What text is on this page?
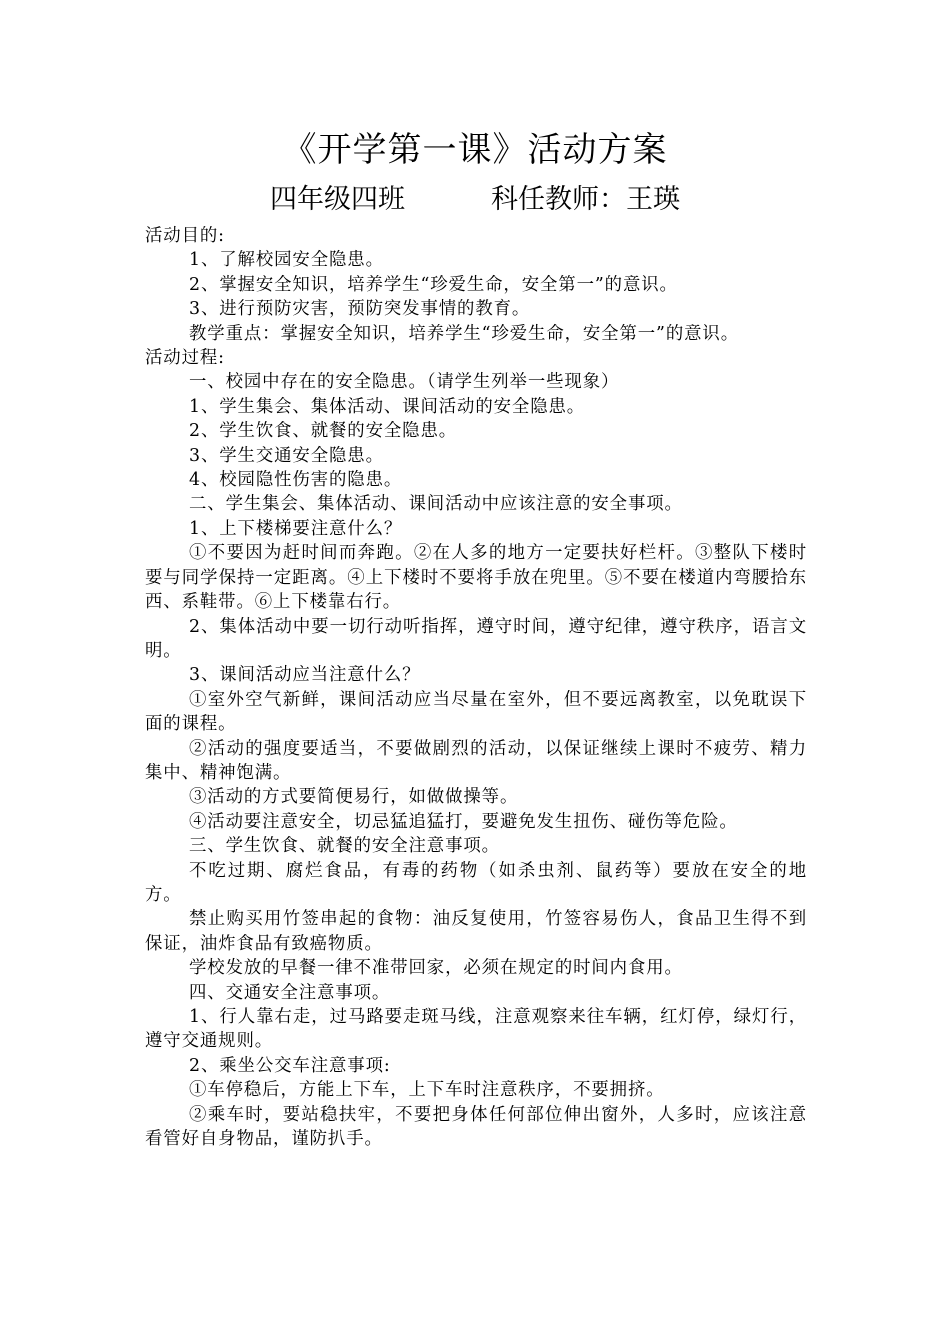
《开学第一课》活动方案
四年级四班	科任教师：王瑛

活动目的:

1、了解校园安全隐患。

2、掌握安全知识，培养学生“珍爱生命，安全第一”的意识。

3、进行预防灾害，预防突发事情的教育。

教学重点：掌握安全知识，培养学生“珍爱生命，安全第一”的意识。

活动过程:

一、校园中存在的安全隐患。（请学生列举一些现象）

1、学生集会、集体活动、课间活动的安全隐患。

2、学生饮食、就餐的安全隐患。

3、学生交通安全隐患。

4、校园隐性伤害的隐患。

二、学生集会、集体活动、课间活动中应该注意的安全事项。

1、上下楼梯要注意什么？

①不要因为赶时间而奔跑。②在人多的地方一定要扶好栏杆。③整队下楼时要与同学保持一定距离。④上下楼时不要将手放在兜里。⑤不要在楼道内弯腰拾东西、系鞋带。⑥上下楼靠右行。

2、集体活动中要一切行动听指挥，遵守时间，遵守纪律，遵守秩序，语言文明。

3、课间活动应当注意什么？

①室外空气新鲜，课间活动应当尽量在室外，但不要远离教室，以免耽误下面的课程。

②活动的强度要适当，不要做剧烈的活动，以保证继续上课时不疲劳、精力集中、精神饱满。

③活动的方式要简便易行，如做做操等。

④活动要注意安全，切忌猛追猛打，要避免发生扭伤、碰伤等危险。

三、学生饮食、就餐的安全注意事项。

不吃过期、腐烂食品，有毒的药物（如杀虫剂、鼠药等）要放在安全的地方。

禁止购买用竹签串起的食物：油反复使用，竹签容易伤人，食品卫生得不到保证，油炸食品有致癌物质。

学校发放的早餐一律不准带回家，必须在规定的时间内食用。

四、交通安全注意事项。

1、行人靠右走，过马路要走斑马线，注意观察来往车辆，红灯停，绿灯行，遵守交通规则。

2、乘坐公交车注意事项:

①车停稳后，方能上下车，上下车时注意秩序，不要拥挤。

②乘车时，要站稳扶牢，不要把身体任何部位伸出窗外，人多时，应该注意看管好自身物品，谨防扒手。
